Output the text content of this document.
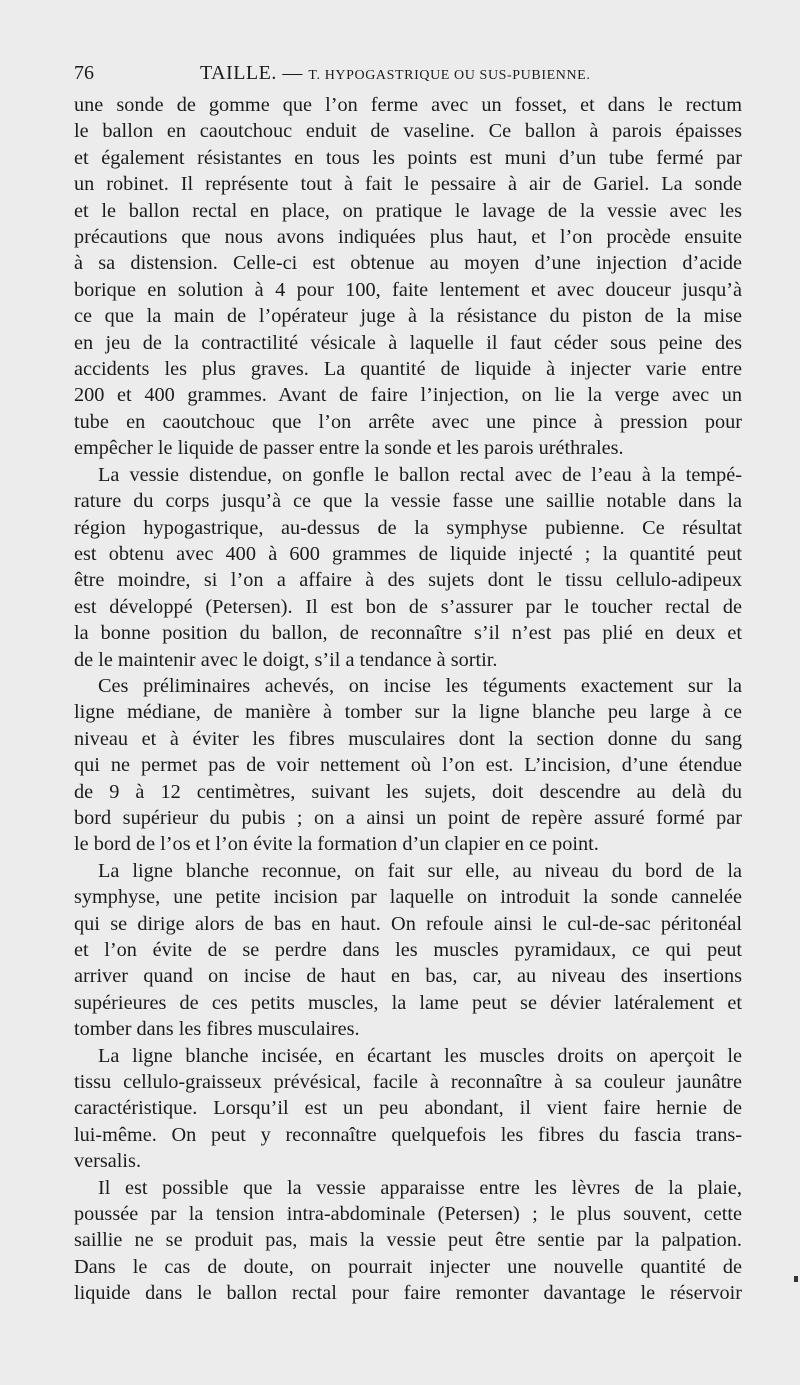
76	TAILLE. — T. HYPOGASTRIQUE OU SUS-PUBIENNE.
une sonde de gomme que l’on ferme avec un fosset, et dans le rectum
le ballon en caoutchouc enduit de vaseline. Ce ballon à parois épaisses
et également résistantes en tous les points est muni d’un tube fermé par
un robinet. Il représente tout à fait le pessaire à air de Gariel. La sonde
et le ballon rectal en place, on pratique le lavage de la vessie avec les
précautions que nous avons indiquées plus haut, et l’on procède ensuite
à sa distension. Celle-ci est obtenue au moyen d’une injection d’acide
borique en solution à 4 pour 100, faite lentement et avec douceur jusqu’à
ce que la main de l’opérateur juge à la résistance du piston de la mise
en jeu de la contractilité vésicale à laquelle il faut céder sous peine des
accidents les plus graves. La quantité de liquide à injecter varie entre
200 et 400 grammes. Avant de faire l’injection, on lie la verge avec un
tube en caoutchouc que l’on arrête avec une pince à pression pour
empêcher le liquide de passer entre la sonde et les parois uréthrales.
La vessie distendue, on gonfle le ballon rectal avec de l’eau à la tempé-
rature du corps jusqu’à ce que la vessie fasse une saillie notable dans la
région hypogastrique, au-dessus de la symphyse pubienne. Ce résultat
est obtenu avec 400 à 600 grammes de liquide injecté ; la quantité peut
être moindre, si l’on a affaire à des sujets dont le tissu cellulo-adipeux
est développé (Petersen). Il est bon de s’assurer par le toucher rectal de
la bonne position du ballon, de reconnaître s’il n’est pas plié en deux et
de le maintenir avec le doigt, s’il a tendance à sortir.
Ces préliminaires achevés, on incise les téguments exactement sur la
ligne médiane, de manière à tomber sur la ligne blanche peu large à ce
niveau et à éviter les fibres musculaires dont la section donne du sang
qui ne permet pas de voir nettement où l’on est. L’incision, d’une étendue
de 9 à 12 centimètres, suivant les sujets, doit descendre au delà du
bord supérieur du pubis ; on a ainsi un point de repère assuré formé par
le bord de l’os et l’on évite la formation d’un clapier en ce point.
La ligne blanche reconnue, on fait sur elle, au niveau du bord de la
symphyse, une petite incision par laquelle on introduit la sonde cannelée
qui se dirige alors de bas en haut. On refoule ainsi le cul-de-sac péritonéal
et l’on évite de se perdre dans les muscles pyramidaux, ce qui peut
arriver quand on incise de haut en bas, car, au niveau des insertions
supérieures de ces petits muscles, la lame peut se dévier latéralement et
tomber dans les fibres musculaires.
La ligne blanche incisée, en écartant les muscles droits on aperçoit le
tissu cellulo-graisseux prévésical, facile à reconnaître à sa couleur jaunâtre
caractéristique. Lorsqu’il est un peu abondant, il vient faire hernie de
lui-même. On peut y reconnaître quelquefois les fibres du fascia trans-
versalis.
Il est possible que la vessie apparaisse entre les lèvres de la plaie,
poussée par la tension intra-abdominale (Petersen) ; le plus souvent, cette
saillie ne se produit pas, mais la vessie peut être sentie par la palpation.
Dans le cas de doute, on pourrait injecter une nouvelle quantité de
liquide dans le ballon rectal pour faire remonter davantage le réservoir
